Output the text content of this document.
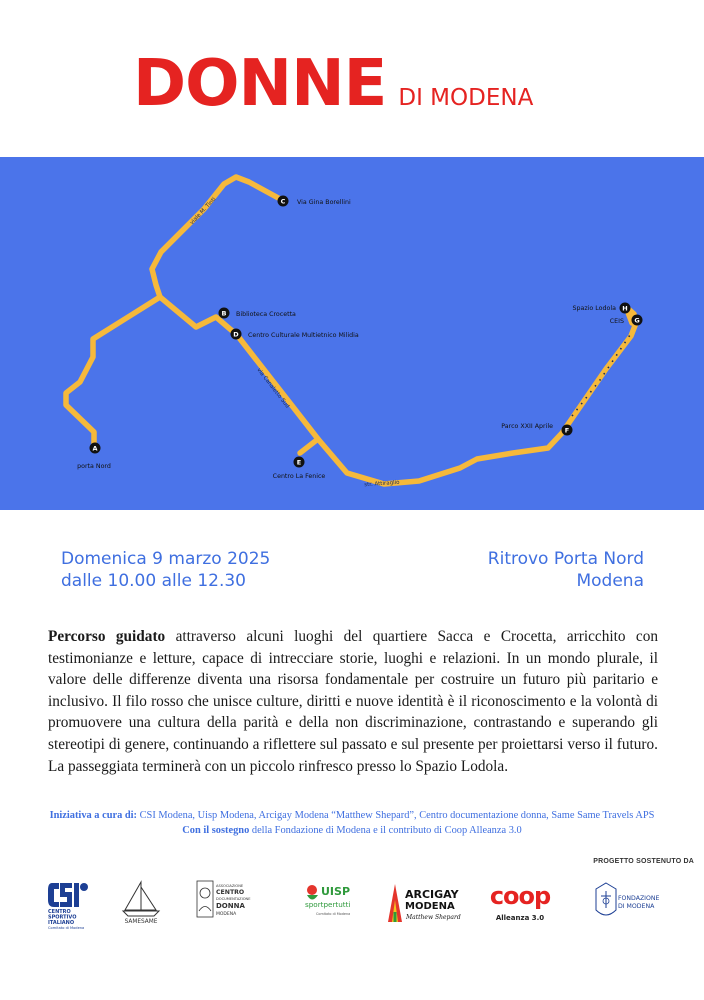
DONNE DI MODENA
viale M. Tinti
via Canaletto Sud
str. Attiraglio
A
B
C
D
E
F
G
H
porta Nord
Biblioteca Crocetta
Via Gina Borellini
Centro Culturale Multietnico Milidia
Centro La Fenice
Parco XXII Aprile
CEIS
Spazio Lodola
Domenica 9 marzo 2025
dalle 10.00 alle 12.30
Ritrovo Porta Nord
Modena
Percorso guidato attraverso alcuni luoghi del quartiere Sacca e Crocetta, arricchito con testimonianze e letture, capace di intrecciare storie, luoghi e relazioni. In un mondo plurale, il valore delle differenze diventa una risorsa fondamentale per costruire un futuro più paritario e inclusivo. Il filo rosso che unisce culture, diritti e nuove identità è il riconoscimento e la volontà di promuovere una cultura della parità e della non discriminazione, contrastando e superando gli stereotipi di genere, continuando a riflettere sul passato e sul presente per proiettarsi verso il futuro. La passeggiata terminerà con un piccolo rinfresco presso lo Spazio Lodola.
Iniziativa a cura di: CSI Modena, Uisp Modena, Arcigay Modena “Matthew Shepard”, Centro documentazione donna, Same Same Travels APS Con il sostegno della Fondazione di Modena e il contributo di Coop Alleanza 3.0
PROGETTO SOSTENUTO DA
CENTRO
SPORTIVO
ITALIANO
Comitato di Modena
SAMESAME
ASSOCIAZIONE
CENTRO
DOCUMENTAZIONE
DONNA
MODENA
UISP
sportpertutti
Comitato di Modena
ARCIGAY
MODENA
Matthew Shepard
coop
Alleanza 3.0
FONDAZIONE
DI MODENA
